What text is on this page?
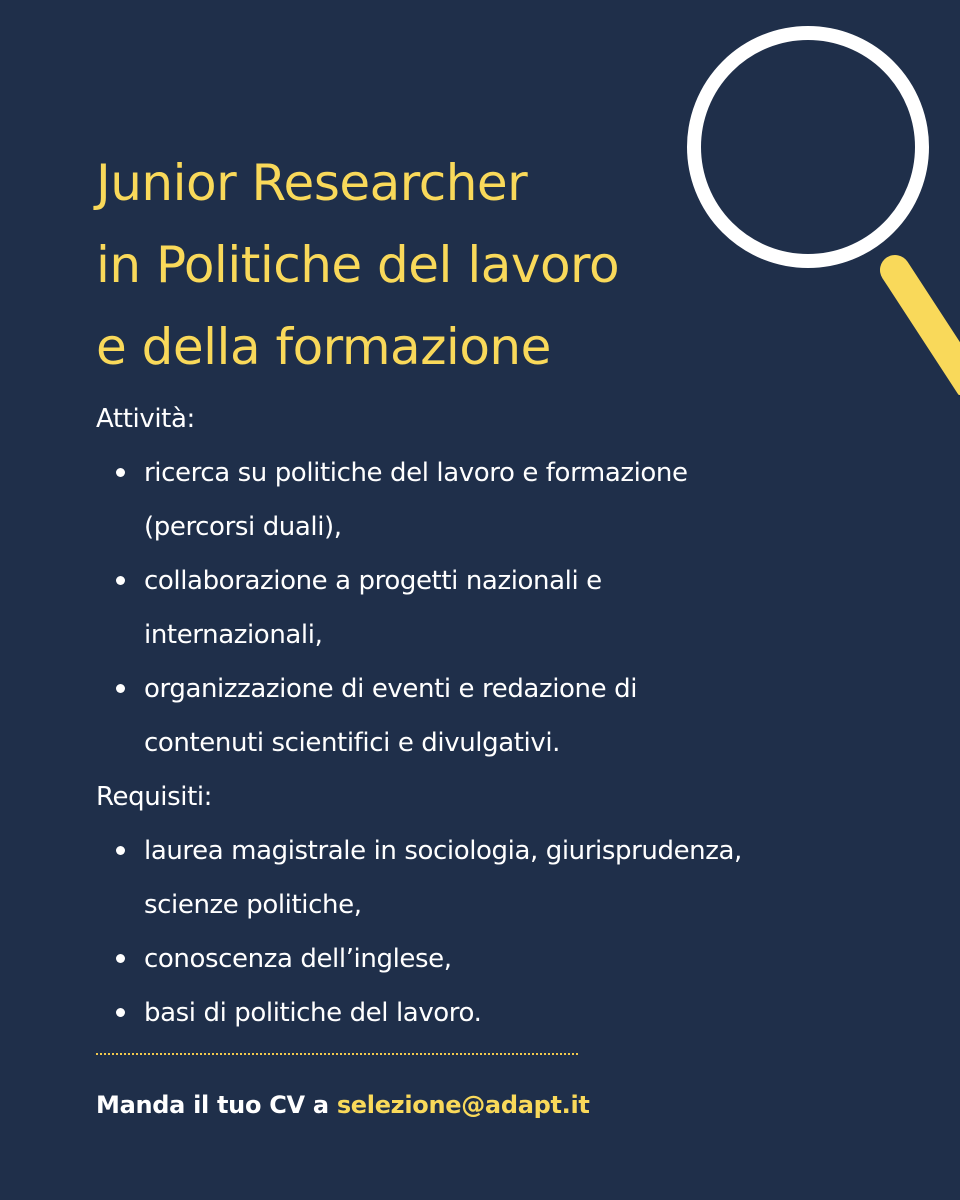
Junior Researcher
in Politiche del lavoro
e della formazione

Attività:

ricerca su politiche del lavoro e formazione
(percorsi duali),
collaborazione a progetti nazionali e
internazionali,
organizzazione di eventi e redazione di
contenuti scientifici e divulgativi.

Requisiti:

laurea magistrale in sociologia, giurisprudenza,
scienze politiche,
conoscenza dell’inglese,
basi di politiche del lavoro.

Manda il tuo CV a selezione@adapt.it
